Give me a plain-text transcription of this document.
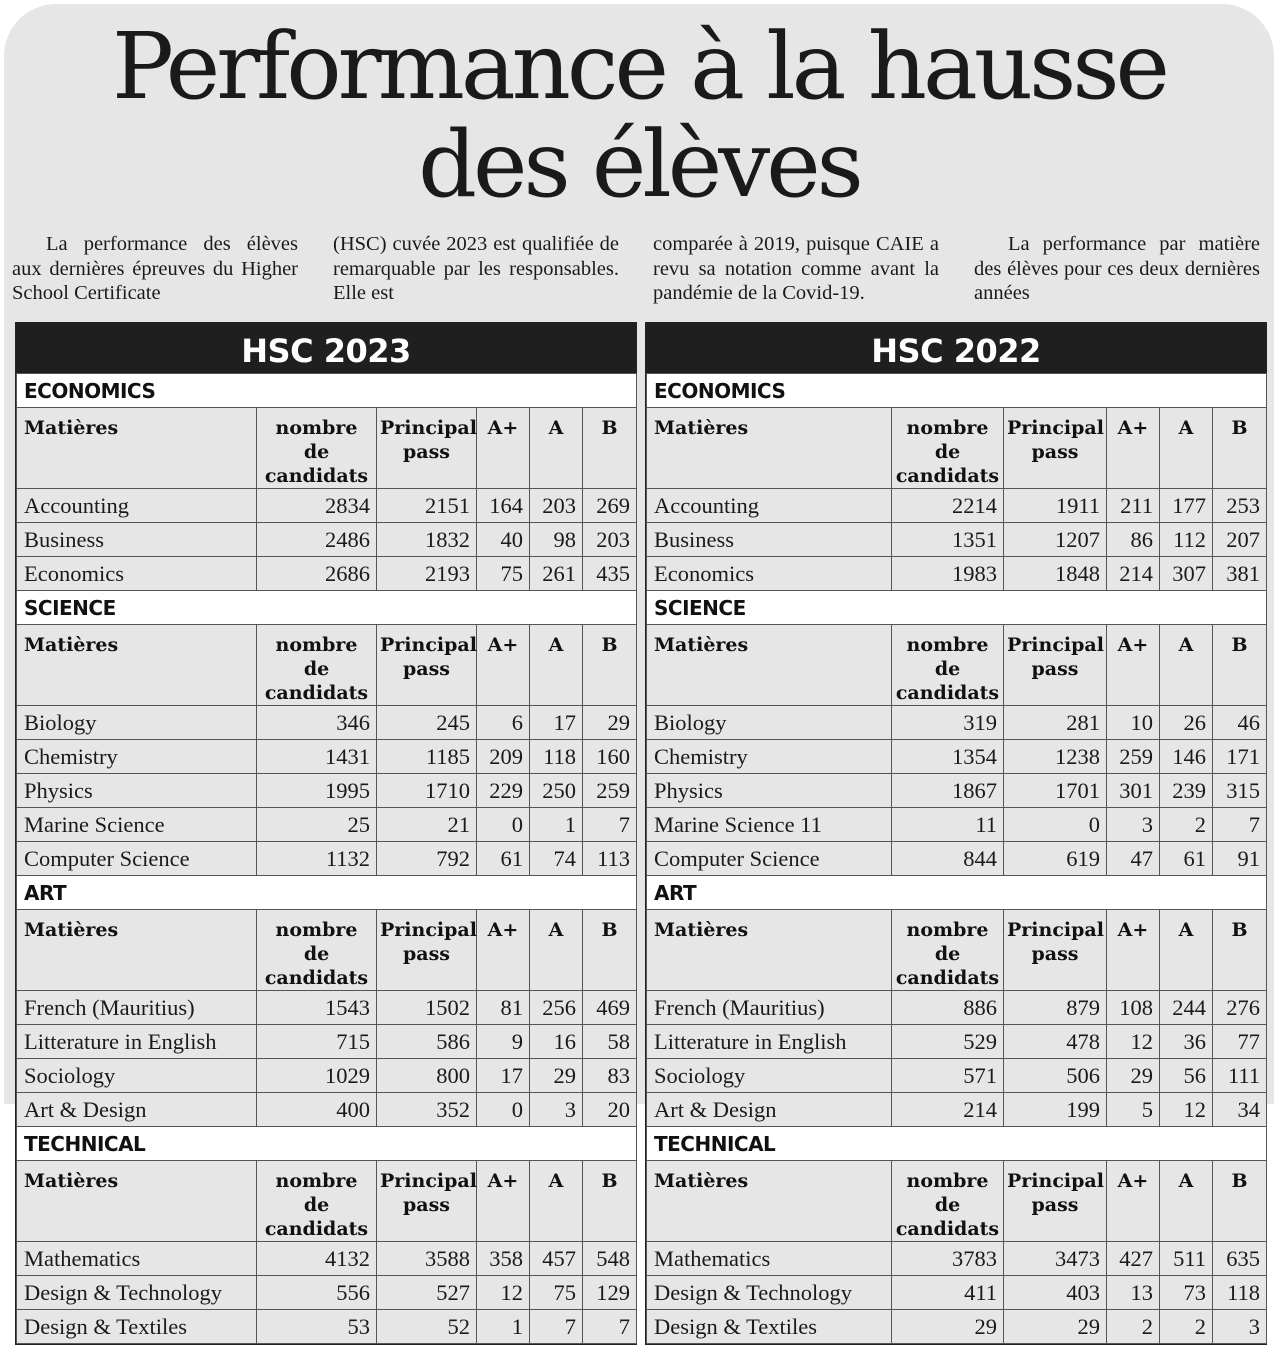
Performance à la hausse
des élèves

La performance des élèves aux dernières épreuves du Higher School Certificate

(HSC) cuvée 2023 est qualifiée de remarquable par les responsables. Elle est

comparée à 2019, puisque CAIE a revu sa notation comme avant la pandémie de la Covid-19.

La performance par matière des élèves pour ces deux dernières années

HSC 2023
ECONOMICS					
Matières	nombre de candidats	Principal pass	A+	A	B
Accounting	2834	2151	164	203	269
Business	2486	1832	40	98	203
Economics	2686	2193	75	261	435
SCIENCE					
Matières	nombre de candidats	Principal pass	A+	A	B
Biology	346	245	6	17	29
Chemistry	1431	1185	209	118	160
Physics	1995	1710	229	250	259
Marine Science	25	21	0	1	7
Computer Science	1132	792	61	74	113
ART					
Matières	nombre de candidats	Principal pass	A+	A	B
French (Mauritius)	1543	1502	81	256	469
Litterature in English	715	586	9	16	58
Sociology	1029	800	17	29	83
Art & Design	400	352	0	3	20
TECHNICAL					
Matières	nombre de candidats	Principal pass	A+	A	B
Mathematics	4132	3588	358	457	548
Design & Technology	556	527	12	75	129
Design & Textiles	53	52	1	7	7
HSC 2022
ECONOMICS					
Matières	nombre de candidats	Principal pass	A+	A	B
Accounting	2214	1911	211	177	253
Business	1351	1207	86	112	207
Economics	1983	1848	214	307	381
SCIENCE					
Matières	nombre de candidats	Principal pass	A+	A	B
Biology	319	281	10	26	46
Chemistry	1354	1238	259	146	171
Physics	1867	1701	301	239	315
Marine Science 11	11	0	3	2	7
Computer Science	844	619	47	61	91
ART					
Matières	nombre de candidats	Principal pass	A+	A	B
French (Mauritius)	886	879	108	244	276
Litterature in English	529	478	12	36	77
Sociology	571	506	29	56	111
Art & Design	214	199	5	12	34
TECHNICAL					
Matières	nombre de candidats	Principal pass	A+	A	B
Mathematics	3783	3473	427	511	635
Design & Technology	411	403	13	73	118
Design & Textiles	29	29	2	2	3
